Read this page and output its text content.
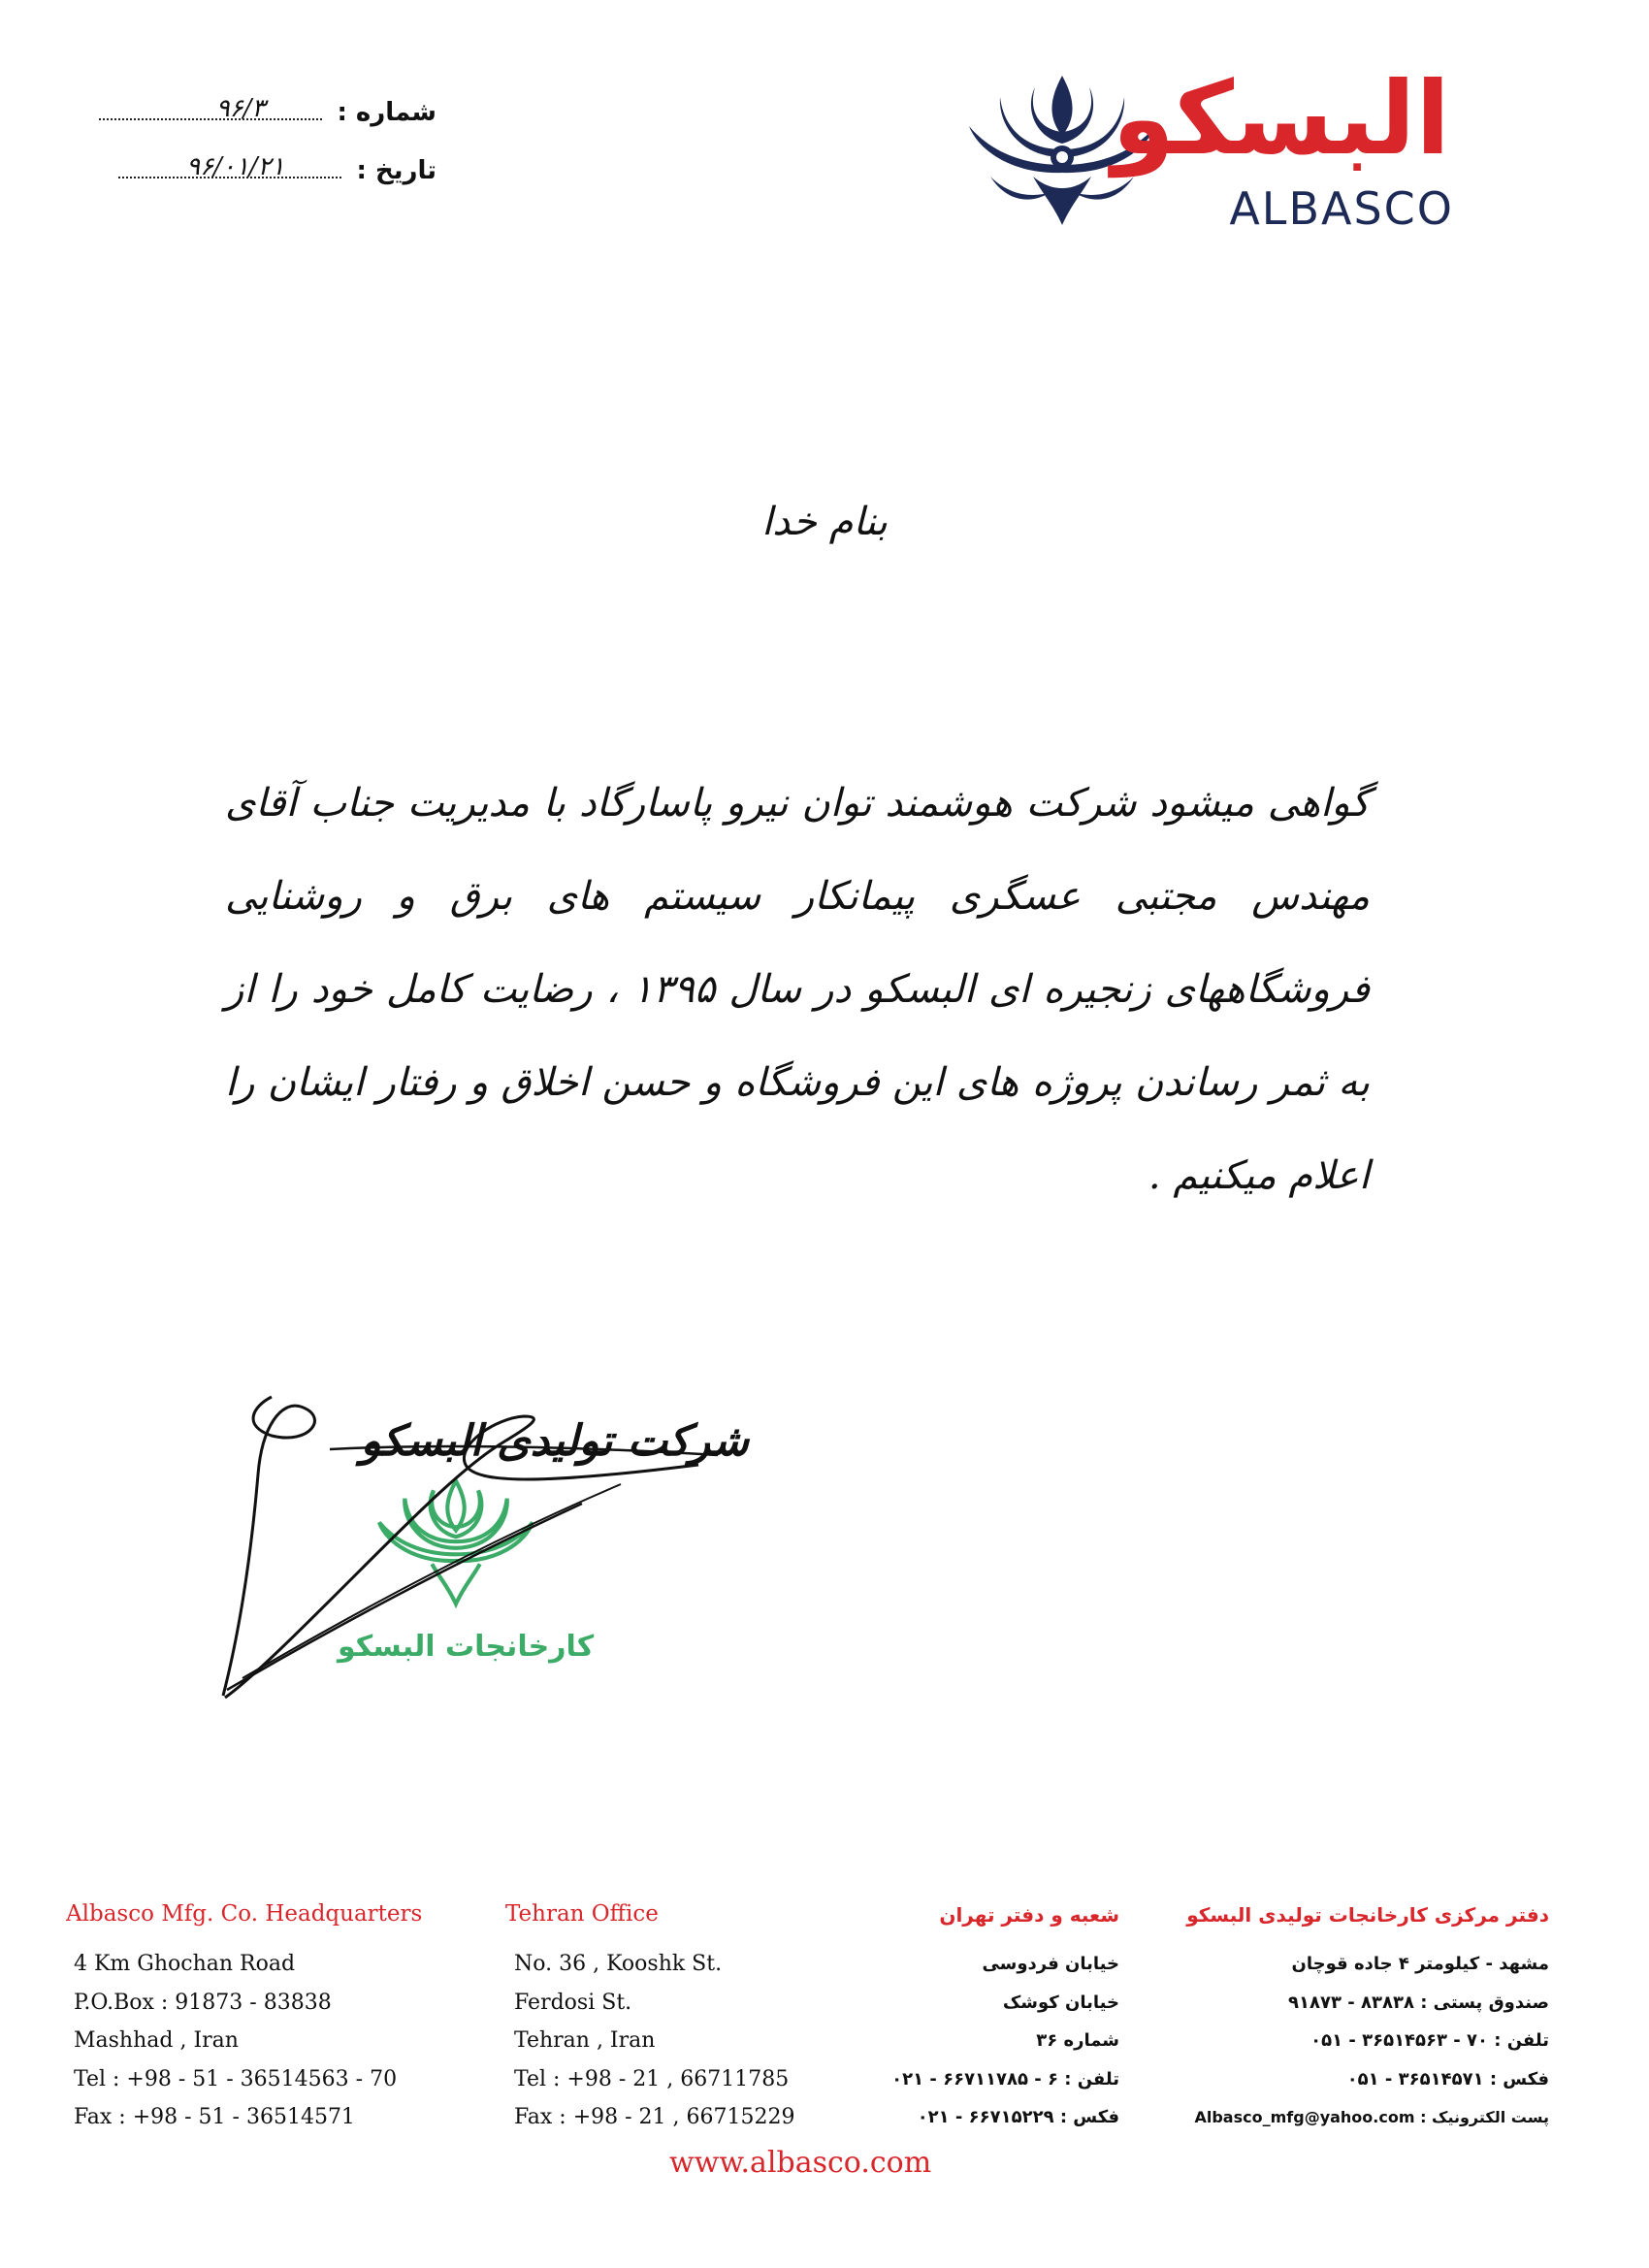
شماره :  ۹۶/۳
تاریخ :  ۹۶/۰۱/۲۱	البسکو
ALBASCO
بنام خدا
گواهی میشود شرکت هوشمند توان نیرو پاسارگاد با مدیریت جناب آقای مهندس مجتبی عسگری پیمانکار سیستم های برق و روشنایی فروشگاههای زنجیره ای البسکو در سال ۱۳۹۵ ، رضایت کامل خود را از به ثمر رساندن پروژه های این فروشگاه و حسن اخلاق و رفتار ایشان را اعلام میکنیم .
کارخانجات البسکو
شرکت تولیدی البسکو
Albasco Mfg. Co. Headquarters
4 Km Ghochan Road
P.O.Box : 91873 - 83838
Mashhad , Iran
Tel : +98 - 51 - 36514563 - 70
Fax : +98 - 51 - 36514571
Tehran Office
No. 36 , Kooshk St.
Ferdosi St.
Tehran , Iran
Tel : +98 - 21 , 66711785
Fax : +98 - 21 , 66715229
شعبه و دفتر تهران
خیابان فردوسی
خیابان کوشک
شماره ۳۶
تلفن : ۶ - ۶۶۷۱۱۷۸۵ - ۰۲۱
فکس : ۶۶۷۱۵۲۲۹ - ۰۲۱
دفتر مرکزی کارخانجات تولیدی البسکو
مشهد - کیلومتر ۴ جاده قوچان
صندوق پستی : ۸۳۸۳۸ - ۹۱۸۷۳
تلفن : ۷۰ - ۳۶۵۱۴۵۶۳ - ۰۵۱
فکس : ۳۶۵۱۴۵۷۱ - ۰۵۱
پست الکترونیک : Albasco_mfg@yahoo.com
www.albasco.com
